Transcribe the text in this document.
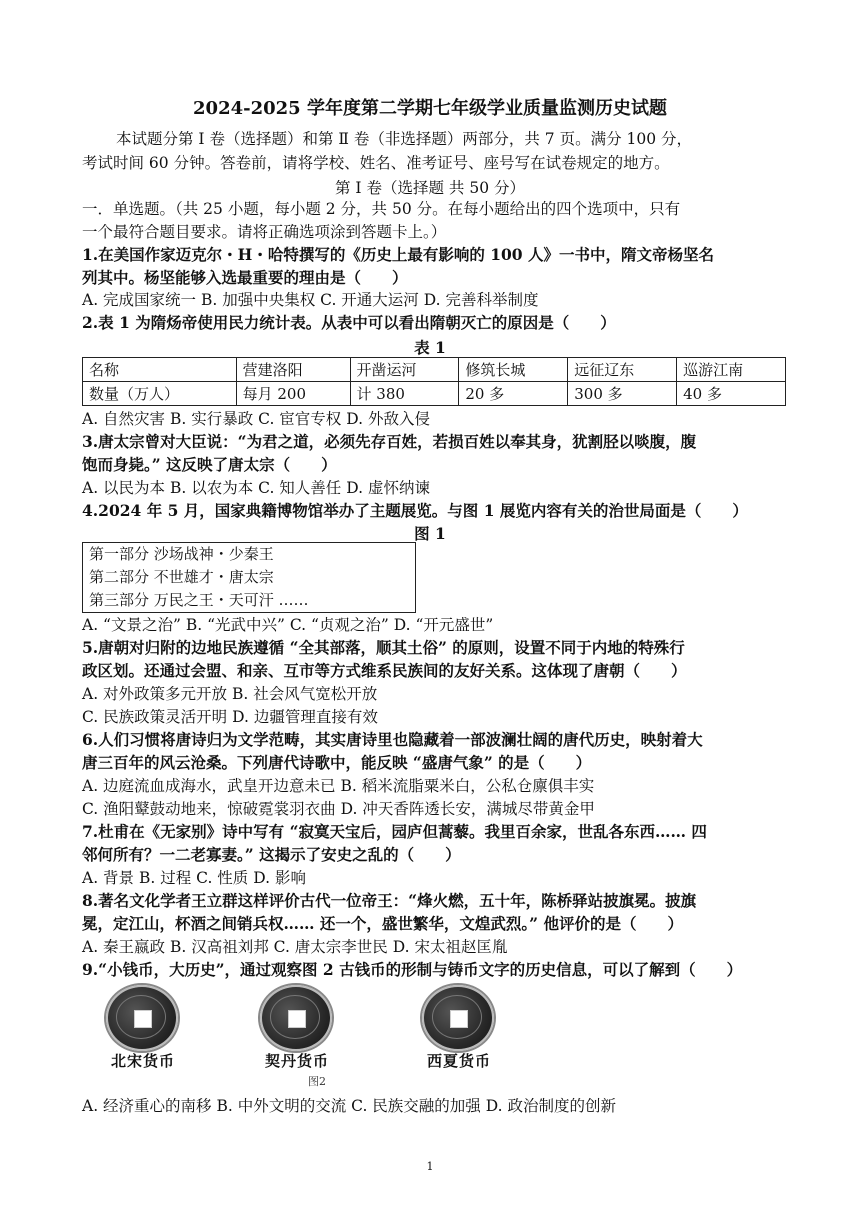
2024-2025 学年度第二学期七年级学业质量监测历史试题
本试题分第 Ⅰ 卷（选择题）和第 Ⅱ 卷（非选择题）两部分，共 7 页。满分 100 分，
考试时间 60 分钟。答卷前，请将学校、姓名、准考证号、座号写在试卷规定的地方。
第 Ⅰ 卷（选择题 共 50 分）
一．单选题。（共 25 小题，每小题 2 分，共 50 分。在每小题给出的四个选项中，只有
一个最符合题目要求。请将正确选项涂到答题卡上。）
1.在美国作家迈克尔・H・哈特撰写的《历史上最有影响的 100 人》一书中，隋文帝杨坚名
列其中。杨坚能够入选最重要的理由是（　　）
A. 完成国家统一 B. 加强中央集权 C. 开通大运河 D. 完善科举制度
2.表 1 为隋炀帝使用民力统计表。从表中可以看出隋朝灭亡的原因是（　　）
表 1
名称	营建洛阳	开凿运河	修筑长城	远征辽东	巡游江南
数量（万人）	每月 200	计 380	20 多	300 多	40 多
A. 自然灾害 B. 实行暴政 C. 宦官专权 D. 外敌入侵
3.唐太宗曾对大臣说：“为君之道，必须先存百姓，若损百姓以奉其身，犹割胫以啖腹，腹
饱而身毙。” 这反映了唐太宗（　　）
A. 以民为本 B. 以农为本 C. 知人善任 D. 虚怀纳谏
4.2024 年 5 月，国家典籍博物馆举办了主题展览。与图 1 展览内容有关的治世局面是（　　）
图 1
第一部分 沙场战神・少秦王
第二部分 不世雄才・唐太宗
第三部分 万民之王・天可汗 ……
A. “文景之治” B. “光武中兴” C. “贞观之治” D. “开元盛世”
5.唐朝对归附的边地民族遵循 “全其部落，顺其土俗” 的原则，设置不同于内地的特殊行
政区划。还通过会盟、和亲、互市等方式维系民族间的友好关系。这体现了唐朝（　　）
A. 对外政策多元开放 B. 社会风气宽松开放
C. 民族政策灵活开明 D. 边疆管理直接有效
6.人们习惯将唐诗归为文学范畴，其实唐诗里也隐藏着一部波澜壮阔的唐代历史，映射着大
唐三百年的风云沧桑。下列唐代诗歌中，能反映 “盛唐气象” 的是（　　）
A. 边庭流血成海水，武皇开边意未已 B. 稻米流脂粟米白，公私仓廪俱丰实
C. 渔阳鼙鼓动地来，惊破霓裳羽衣曲 D. 冲天香阵透长安，满城尽带黄金甲
7.杜甫在《无家别》诗中写有 “寂寞天宝后，园庐但蒿藜。我里百余家，世乱各东西…… 四
邻何所有？一二老寡妻。” 这揭示了安史之乱的（　　）
A. 背景 B. 过程 C. 性质 D. 影响
8.著名文化学者王立群这样评价古代一位帝王：“烽火燃，五十年，陈桥驿站披旗冕。披旗
冕，定江山，杯酒之间销兵权…… 还一个，盛世繁华，文煌武烈。” 他评价的是（　　）
A. 秦王嬴政 B. 汉高祖刘邦 C. 唐太宗李世民 D. 宋太祖赵匡胤
9.“小钱币，大历史”，通过观察图 2 古钱币的形制与铸币文字的历史信息，可以了解到（　　）
北宋货币	契丹货币	西夏货币
图2
A. 经济重心的南移 B. 中外文明的交流 C. 民族交融的加强 D. 政治制度的创新
1
